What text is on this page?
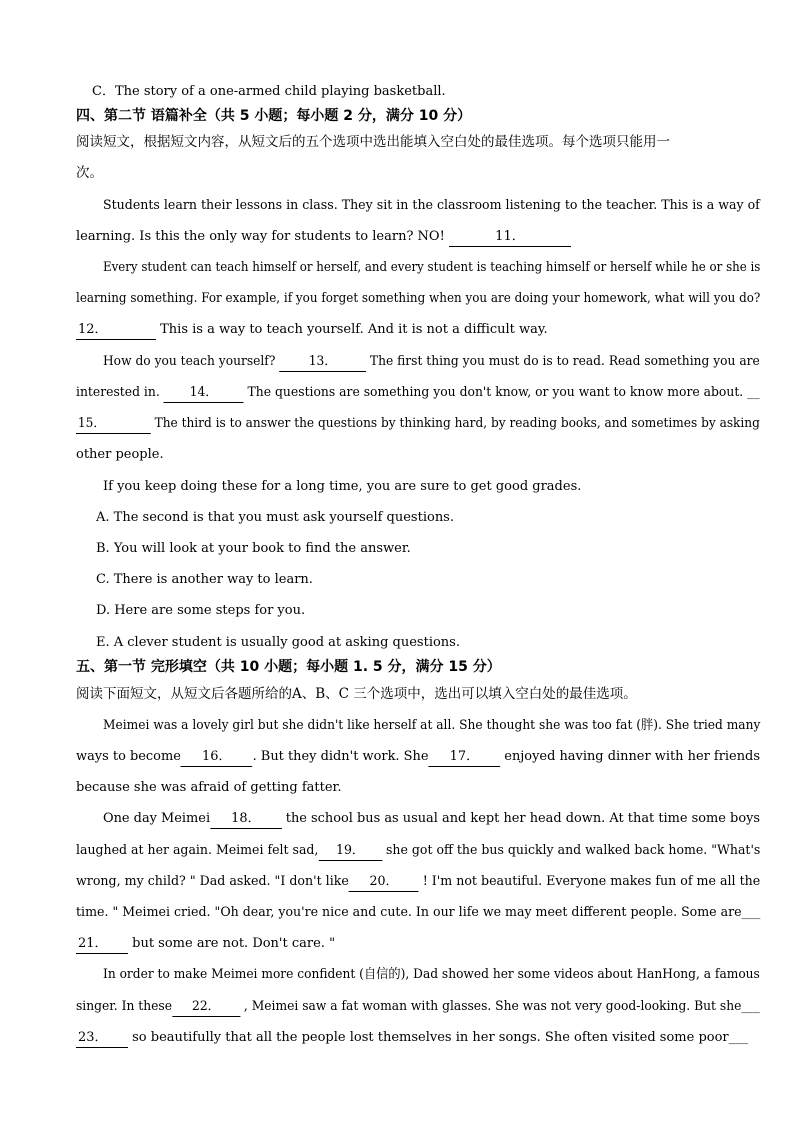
C．The story of a one-armed child playing basketball.
四、第二节 语篇补全（共 5 小题；每小题 2 分，满分 10 分）
阅读短文，根据短文内容，从短文后的五个选项中选出能填入空白处的最佳选项。每个选项只能用一
次。
Students learn their lessons in class. They sit in the classroom listening to the teacher. This is a way of
learning. Is this the only way for students to learn? NO!	11．
Every student can teach himself or herself, and every student is teaching himself or herself while he or she is
learning something. For example, if you forget something when you are doing your homework, what will you do?
12．	This is a way to teach yourself. And it is not a difficult way.
How do you teach yourself?	13． The first thing you must do is to read. Read something you are
interested in. 14． The questions are something you don't know, or you want to know more about. __
15．	The third is to answer the questions by thinking hard, by reading books, and sometimes by asking
other people.
If you keep doing these for a long time, you are sure to get good grades.
A. The second is that you must ask yourself questions.
B. You will look at your book to find the answer.
C. There is another way to learn.
D. Here are some steps for you.
E. A clever student is usually good at asking questions.
五、第一节 完形填空（共 10 小题；每小题 1. 5 分，满分 15 分）
阅读下面短文，从短文后各题所给的A、B、C 三个选项中，选出可以填入空白处的最佳选项。
Meimei was a lovely girl but she didn't like herself at all. She thought she was too fat (胖). She tried many
ways to become 16． . But they didn't work. She 17． enjoyed having dinner with her friends
because she was afraid of getting fatter.
One day Meimei 18． the school bus as usual and kept her head down. At that time some boys
laughed at her again. Meimei felt sad, 19． she got off the bus quickly and walked back home. "What's
wrong, my child? " Dad asked. "I don't like 20． ! I'm not beautiful. Everyone makes fun of me all the
time. " Meimei cried. "Oh dear, you're nice and cute. In our life we may meet different people. Some are___
21． but some are not. Don't care. "
In order to make Meimei more confident (自信的), Dad showed her some videos about HanHong, a famous
singer. In these 22． , Meimei saw a fat woman with glasses. She was not very good-looking. But she___
23． so beautifully that all the people lost themselves in her songs. She often visited some poor___
